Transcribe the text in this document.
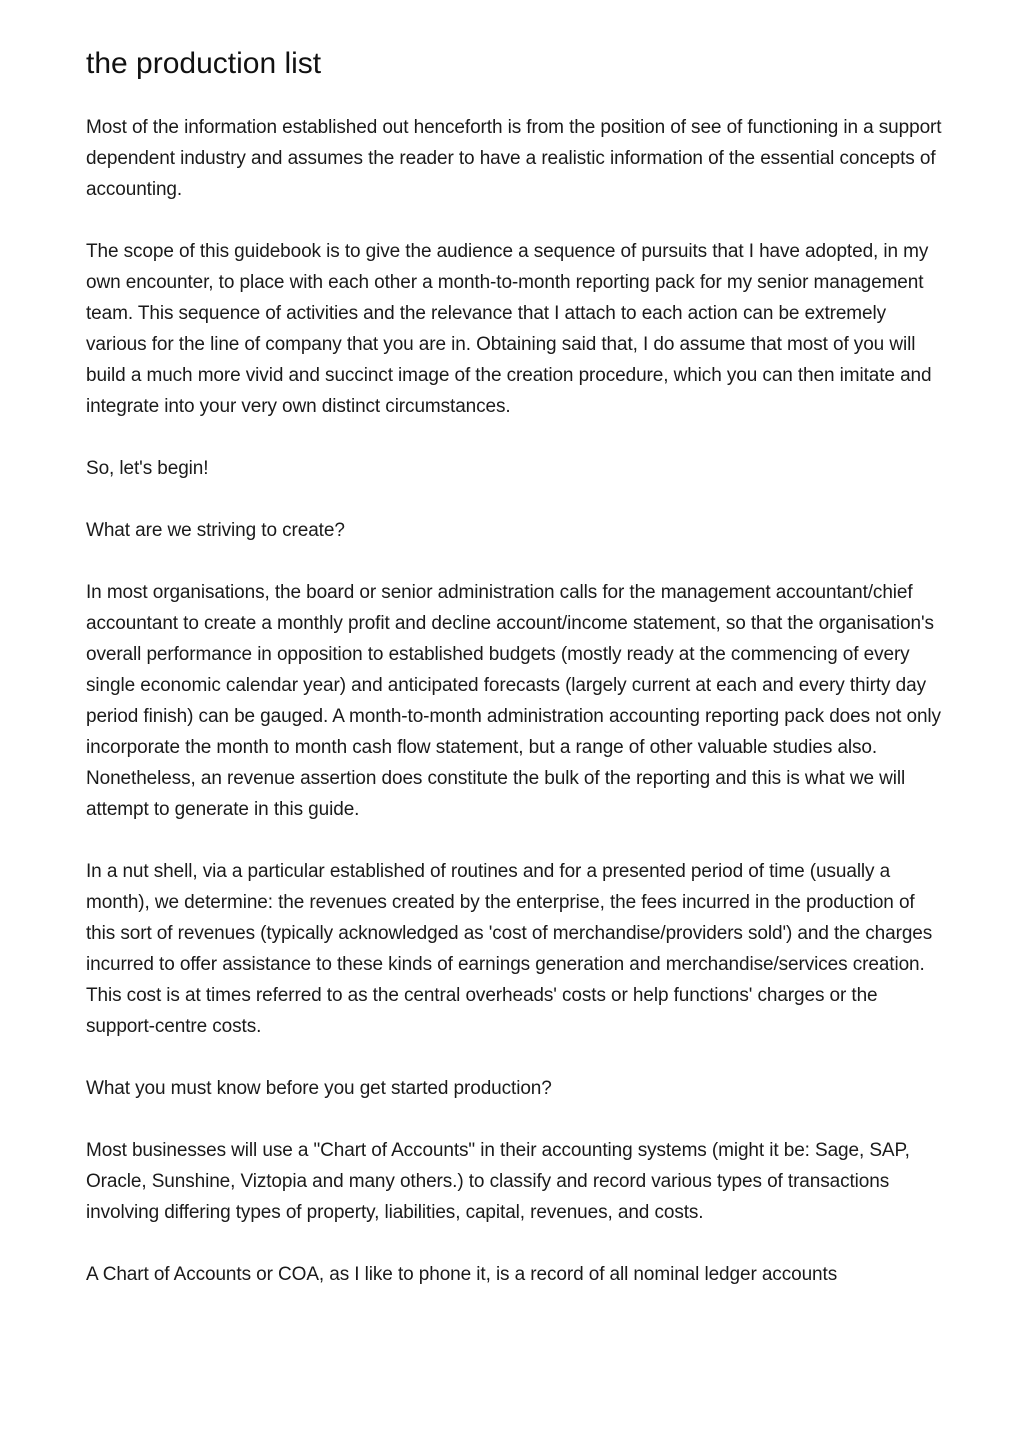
the production list

Most of the information established out henceforth is from the position of see of functioning in a support dependent industry and assumes the reader to have a realistic information of the essential concepts of accounting.

The scope of this guidebook is to give the audience a sequence of pursuits that I have adopted, in my own encounter, to place with each other a month-to-month reporting pack for my senior management team. This sequence of activities and the relevance that I attach to each action can be extremely various for the line of company that you are in. Obtaining said that, I do assume that most of you will build a much more vivid and succinct image of the creation procedure, which you can then imitate and integrate into your very own distinct circumstances.

So, let's begin!

What are we striving to create?

In most organisations, the board or senior administration calls for the management accountant/chief accountant to create a monthly profit and decline account/income statement, so that the organisation's overall performance in opposition to established budgets (mostly ready at the commencing of every single economic calendar year) and anticipated forecasts (largely current at each and every thirty day period finish) can be gauged. A month-to-month administration accounting reporting pack does not only incorporate the month to month cash flow statement, but a range of other valuable studies also. Nonetheless, an revenue assertion does constitute the bulk of the reporting and this is what we will attempt to generate in this guide.

In a nut shell, via a particular established of routines and for a presented period of time (usually a month), we determine: the revenues created by the enterprise, the fees incurred in the production of this sort of revenues (typically acknowledged as 'cost of merchandise/providers sold') and the charges incurred to offer assistance to these kinds of earnings generation and merchandise/services creation. This cost is at times referred to as the central overheads' costs or help functions' charges or the support-centre costs.

What you must know before you get started production?

Most businesses will use a "Chart of Accounts" in their accounting systems (might it be: Sage, SAP, Oracle, Sunshine, Viztopia and many others.) to classify and record various types of transactions involving differing types of property, liabilities, capital, revenues, and costs.

A Chart of Accounts or COA, as I like to phone it, is a record of all nominal ledger accounts
